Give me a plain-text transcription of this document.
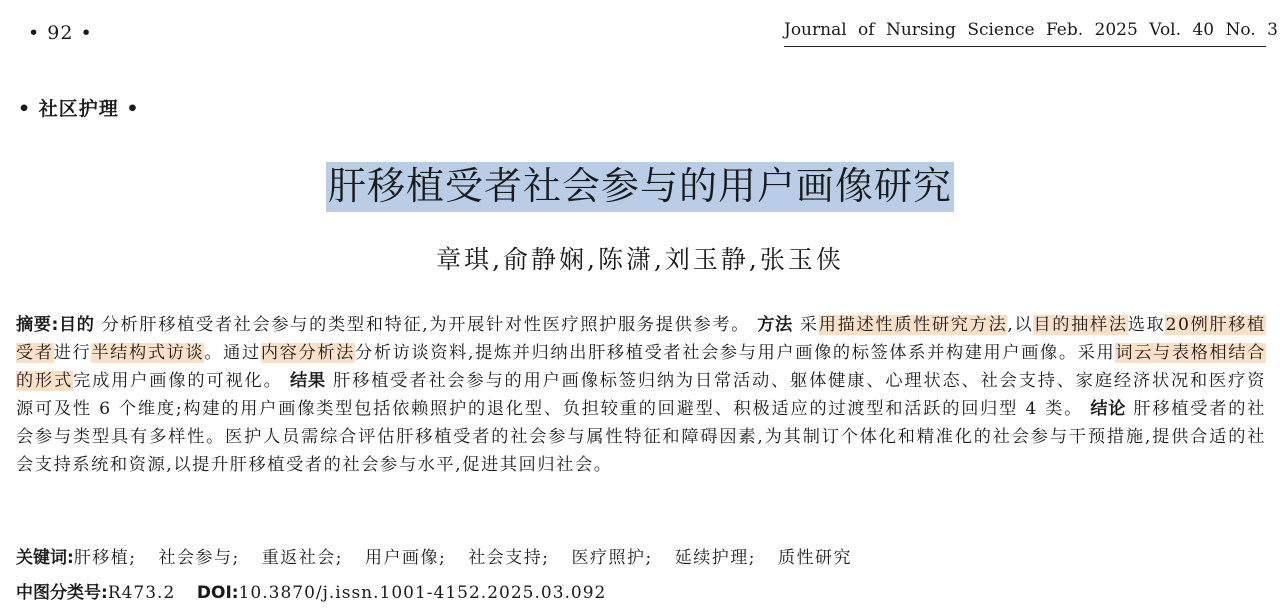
• 92 •	Journal of Nursing Science Feb. 2025 Vol. 40 No. 3
• 社区护理 •
肝移植受者社会参与的用户画像研究
章琪,俞静娴,陈潇,刘玉静,张玉侠
摘要:目的 分析肝移植受者社会参与的类型和特征,为开展针对性医疗照护服务提供参考。 方法 采用描述性质性研究方法,以目的抽样法选取20例肝移植受者进行半结构式访谈。通过内容分析法分析访谈资料,提炼并归纳出肝移植受者社会参与用户画像的标签体系并构建用户画像。采用词云与表格相结合的形式完成用户画像的可视化。 结果 肝移植受者社会参与的用户画像标签归纳为日常活动、躯体健康、心理状态、社会支持、家庭经济状况和医疗资源可及性 6 个维度;构建的用户画像类型包括依赖照护的退化型、负担较重的回避型、积极适应的过渡型和活跃的回归型 4 类。 结论 肝移植受者的社会参与类型具有多样性。医护人员需综合评估肝移植受者的社会参与属性特征和障碍因素,为其制订个体化和精准化的社会参与干预措施,提供合适的社会支持系统和资源,以提升肝移植受者的社会参与水平,促进其回归社会。
关键词:肝移植; 社会参与; 重返社会; 用户画像; 社会支持; 医疗照护; 延续护理; 质性研究
中图分类号:R473.2 DOI:10.3870/j.issn.1001-4152.2025.03.092
